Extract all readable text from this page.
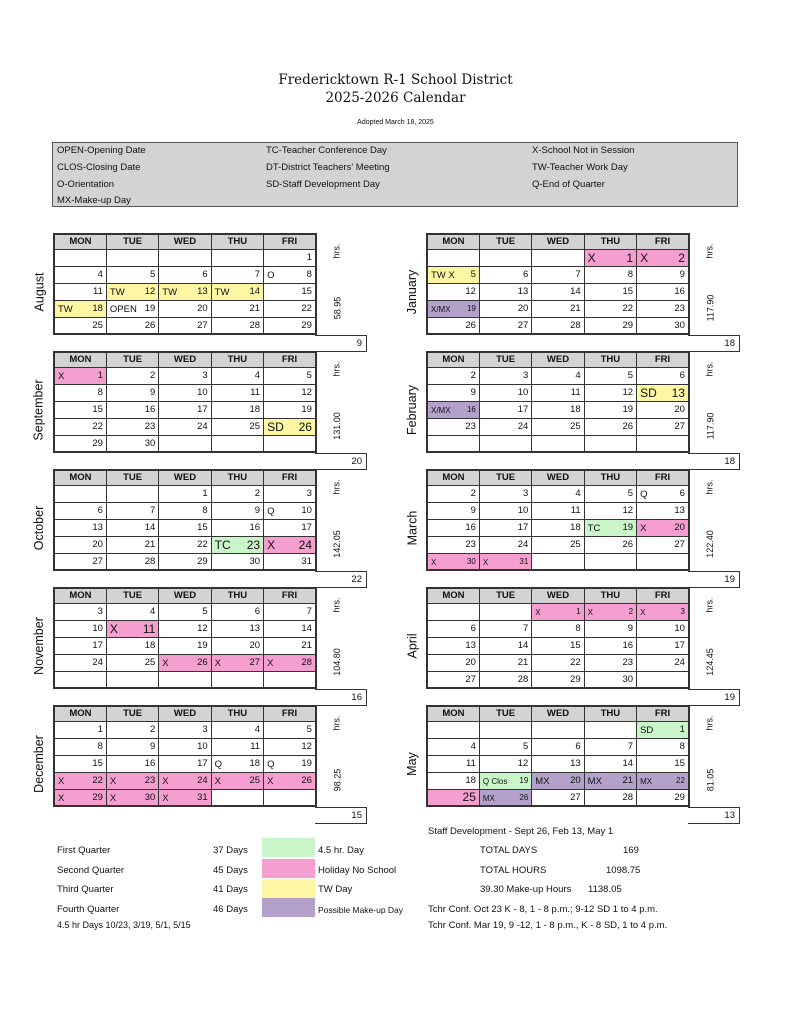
Fredericktown R-1 School District
2025-2026 Calendar
Adopted March 18, 2025
OPEN-Opening Date
CLOS-Closing Date
O-Orientation
MX-Make-up Day
TC-Teacher Conference Day
DT-District Teachers' Meeting
SD-Staff Development Day
X-School Not in Session
TW-Teacher Work Day
Q-End of Quarter
MON	TUE	WED	THU	FRI
				1
4	5	6	7	O 8
11	TW 12	TW 13	TW 14	15

TW 18	OPEN 19	20	21	22
25	26	27	28	29
August
hrs.
58.95
9
MON	TUE	WED	THU	FRI

X 1	2	3	4	5
8	9	10	11	12
15	16	17	18	19
22	23	24	25	SD 26
29	30			
September
hrs.
131.00
20
MON	TUE	WED	THU	FRI
		1	2	3
6	7	8	9	Q 10
13	14	15	16	17
20	21	22	TC 23	X 24
27	28	29	30	31
October
hrs.
142.05
22
MON	TUE	WED	THU	FRI
3	4	5	6	7
10	X 11	12	13	14
17	18	19	20	21
24	25	X 26	X 27	X 28

November
hrs.
104.80
16
MON	TUE	WED	THU	FRI
1	2	3	4	5
8	9	10	11	12
15	16	17	Q 18	Q 19

X 22	X 23	X 24	X 25	X 26

X 29	X 30	X 31		
December
hrs.
98.25
15
MON	TUE	WED	THU	FRI

			X 1	X 2

TW X 5	6	7	8	9
12	13	14	15	16

X/MX 19	20	21	22	23
26	27	28	29	30
January
hrs.
117.90
18
MON	TUE	WED	THU	FRI
2	3	4	5	6
9	10	11	12	SD 13

X/MX 16	17	18	19	20
23	24	25	26	27

February
hrs.
117.90
18
MON	TUE	WED	THU	FRI
2	3	4	5	Q 6
9	10	11	12	13
16	17	18	TC 19	X 20
23	24	25	26	27

X 30	X 31			
March
hrs.
122.40
19
MON	TUE	WED	THU	FRI

		X 1	X 2	X 3
6	7	8	9	10
13	14	15	16	17
20	21	22	23	24
27	28	29	30	
April
hrs.
124.45
19
MON	TUE	WED	THU	FRI

				SD 1
4	5	6	7	8
11	12	13	14	15
18	Q Clos 19	MX 20	MX 21	MX 22
25	MX 26	27	28	29
May
hrs.
81.05
13
First Quarter	37 Days
Second Quarter	45 Days
Third Quarter	41 Days
Fourth Quarter	46 Days
4.5 hr Days 10/23, 3/19, 5/1, 5/15
4.5 hr. Day
Holiday No School
TW Day
Possible Make-up Day
Staff Development - Sept 26, Feb 13, May 1
TOTAL DAYS	169
TOTAL HOURS	1098.75
39.30 Make-up Hours 1138.05
Tchr Conf. Oct 23 K - 8, 1 - 8 p.m.; 9-12 SD 1 to 4 p.m.
Tchr Conf. Mar 19, 9 -12, 1 - 8 p.m., K - 8 SD, 1 to 4 p.m.
